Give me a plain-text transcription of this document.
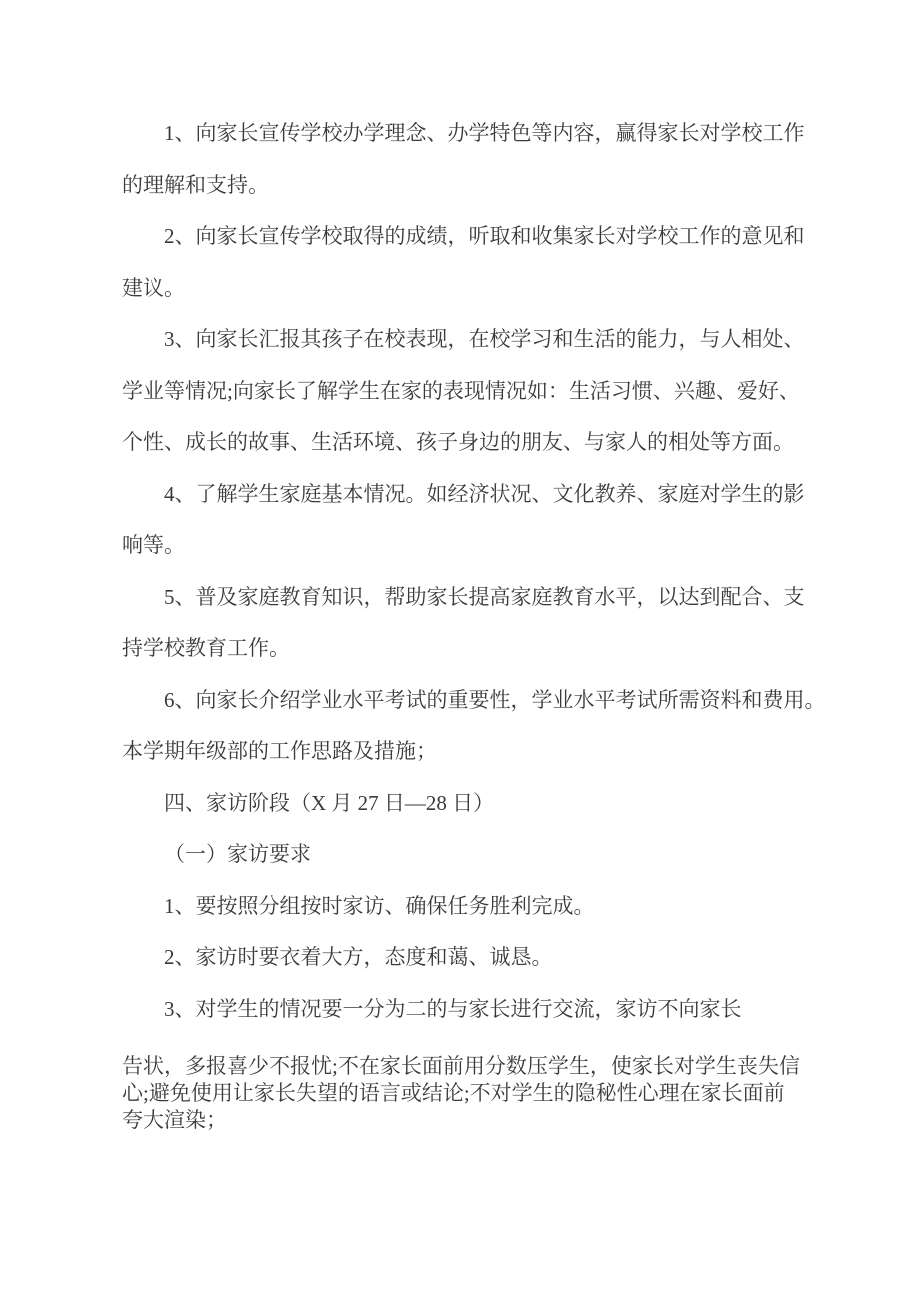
1、向家长宣传学校办学理念、办学特色等内容，赢得家长对学校工作
的理解和支持。
2、向家长宣传学校取得的成绩，听取和收集家长对学校工作的意见和
建议。
3、向家长汇报其孩子在校表现，在校学习和生活的能力，与人相处、
学业等情况;向家长了解学生在家的表现情况如：生活习惯、兴趣、爱好、
个性、成长的故事、生活环境、孩子身边的朋友、与家人的相处等方面。
4、了解学生家庭基本情况。如经济状况、文化教养、家庭对学生的影
响等。
5、普及家庭教育知识，帮助家长提高家庭教育水平，以达到配合、支
持学校教育工作。
6、向家长介绍学业水平考试的重要性，学业水平考试所需资料和费用。
本学期年级部的工作思路及措施；
四、家访阶段（X 月 27 日—28 日）
（一）家访要求
1、要按照分组按时家访、确保任务胜利完成。
2、家访时要衣着大方，态度和蔼、诚恳。
3、对学生的情况要一分为二的与家长进行交流，家访不向家长
告状，多报喜少不报忧;不在家长面前用分数压学生，使家长对学生丧失信
心;避免使用让家长失望的语言或结论;不对学生的隐秘性心理在家长面前
夸大渲染；
